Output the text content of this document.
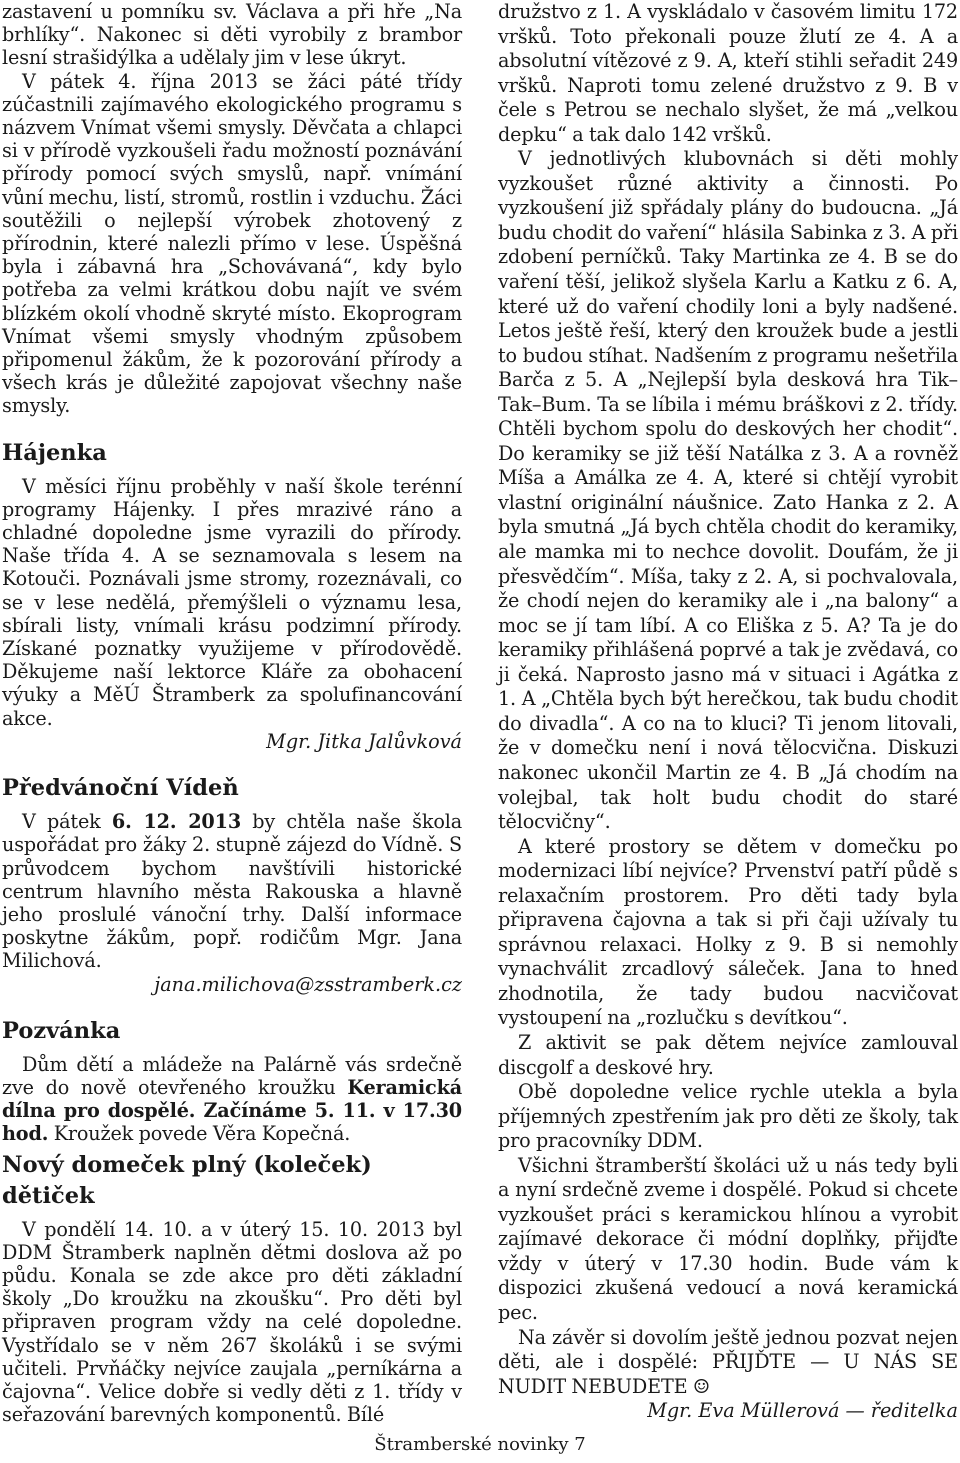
zastavení u pomníku sv. Václava a při hře „Na brhlíky“. Nakonec si děti vyrobily z brambor lesní strašidýlka a udělaly jim v lese úkryt.

V pátek 4. října 2013 se žáci páté třídy zúčastnili zajímavého ekologického programu s názvem Vnímat všemi smysly. Děvčata a chlapci si v přírodě vyzkoušeli řadu možností poznávání přírody pomocí svých smyslů, např. vnímání vůní mechu, listí, stromů, rostlin i vzduchu. Žáci soutěžili o nejlepší výrobek zhotovený z přírodnin, které nalezli přímo v lese. Úspěšná byla i zábavná hra „Schovávaná“, kdy bylo potřeba za velmi krátkou dobu najít ve svém blízkém okolí vhodně skryté místo. Ekoprogram Vnímat všemi smysly vhodným způsobem připomenul žákům, že k pozorování přírody a všech krás je důležité zapojovat všechny naše smysly.

Hájenka

V měsíci říjnu proběhly v naší škole terénní programy Hájenky. I přes mrazivé ráno a chladné dopoledne jsme vyrazili do přírody. Naše třída 4. A se seznamovala s lesem na Kotouči. Poznávali jsme stromy, rozeznávali, co se v lese nedělá, přemýšleli o významu lesa, sbírali listy, vnímali krásu podzimní přírody. Získané poznatky využijeme v přírodovědě. Děkujeme naší lektorce Kláře za obohacení výuky a MěÚ Štramberk za spolufinancování akce.

Mgr. Jitka Jalůvková

Předvánoční Vídeň

V pátek 6. 12. 2013 by chtěla naše škola uspořádat pro žáky 2. stupně zájezd do Vídně. S průvodcem bychom navštívili historické centrum hlavního města Rakouska a hlavně jeho proslulé vánoční trhy. Další informace poskytne žákům, popř. rodičům Mgr. Jana Milichová.

jana.milichova@zsstramberk.cz

Pozvánka

Dům dětí a mládeže na Palárně vás srdečně zve do nově otevřeného kroužku Keramická dílna pro dospělé. Začínáme 5. 11. v 17.30 hod. Kroužek povede Věra Kopečná.

Nový domeček plný (koleček) dětiček

V pondělí 14. 10. a v úterý 15. 10. 2013 byl DDM Štramberk naplněn dětmi doslova až po půdu. Konala se zde akce pro děti základní školy „Do kroužku na zkoušku“. Pro děti byl připraven program vždy na celé dopoledne. Vystřídalo se v něm 267 školáků i se svými učiteli. Prvňáčky nejvíce zaujala „perníkárna a čajovna“. Velice dobře si vedly děti z 1. třídy v seřazování barevných komponentů. Bílé

družstvo z 1. A vyskládalo v časovém limitu 172 vršků. Toto překonali pouze žlutí ze 4. A a absolutní vítězové z 9. A, kteří stihli seřadit 249 vršků. Naproti tomu zelené družstvo z 9. B v čele s Petrou se nechalo slyšet, že má „velkou depku“ a tak dalo 142 vršků.

V jednotlivých klubovnách si děti mohly vyzkoušet různé aktivity a činnosti. Po vyzkoušení již spřádaly plány do budoucna. „Já budu chodit do vaření“ hlásila Sabinka z 3. A při zdobení perníčků. Taky Martinka ze 4. B se do vaření těší, jelikož slyšela Karlu a Katku z 6. A, které už do vaření chodily loni a byly nadšené. Letos ještě řeší, který den kroužek bude a jestli to budou stíhat. Nadšením z programu nešetřila Barča z 5. A „Nejlepší byla desková hra Tik–Tak–Bum. Ta se líbila i mému bráškovi z 2. třídy. Chtěli bychom spolu do deskových her chodit“. Do keramiky se již těší Natálka z 3. A a rovněž Míša a Amálka ze 4. A, které si chtějí vyrobit vlastní originální náušnice. Zato Hanka z 2. A byla smutná „Já bych chtěla chodit do keramiky, ale mamka mi to nechce dovolit. Doufám, že ji přesvědčím“. Míša, taky z 2. A, si pochvalovala, že chodí nejen do keramiky ale i „na balony“ a moc se jí tam líbí. A co Eliška z 5. A? Ta je do keramiky přihlášená poprvé a tak je zvědavá, co ji čeká. Naprosto jasno má v situaci i Agátka z 1. A „Chtěla bych být herečkou, tak budu chodit do divadla“. A co na to kluci? Ti jenom litovali, že v domečku není i nová tělocvična. Diskuzi nakonec ukončil Martin ze 4. B „Já chodím na volejbal, tak holt budu chodit do staré tělocvičny“.

A které prostory se dětem v domečku po modernizaci líbí nejvíce? Prvenství patří půdě s relaxačním prostorem. Pro děti tady byla připravena čajovna a tak si při čaji užívaly tu správnou relaxaci. Holky z 9. B si nemohly vynachválit zrcadlový sáleček. Jana to hned zhodnotila, že tady budou nacvičovat vystoupení na „rozlučku s devítkou“.

Z aktivit se pak dětem nejvíce zamlouval discgolf a deskové hry.

Obě dopoledne velice rychle utekla a byla příjemných zpestřením jak pro děti ze školy, tak pro pracovníky DDM.

Všichni štramberští školáci už u nás tedy byli a nyní srdečně zveme i dospělé. Pokud si chcete vyzkoušet práci s keramickou hlínou a vyrobit zajímavé dekorace či módní doplňky, přijďte vždy v úterý v 17.30 hodin. Bude vám k dispozici zkušená vedoucí a nová keramická pec.

Na závěr si dovolím ještě jednou pozvat nejen děti, ale i dospělé: PŘIJĎTE — U NÁS SE NUDIT NEBUDETE ☺

Mgr. Eva Müllerová — ředitelka

Štramberské novinky 7
